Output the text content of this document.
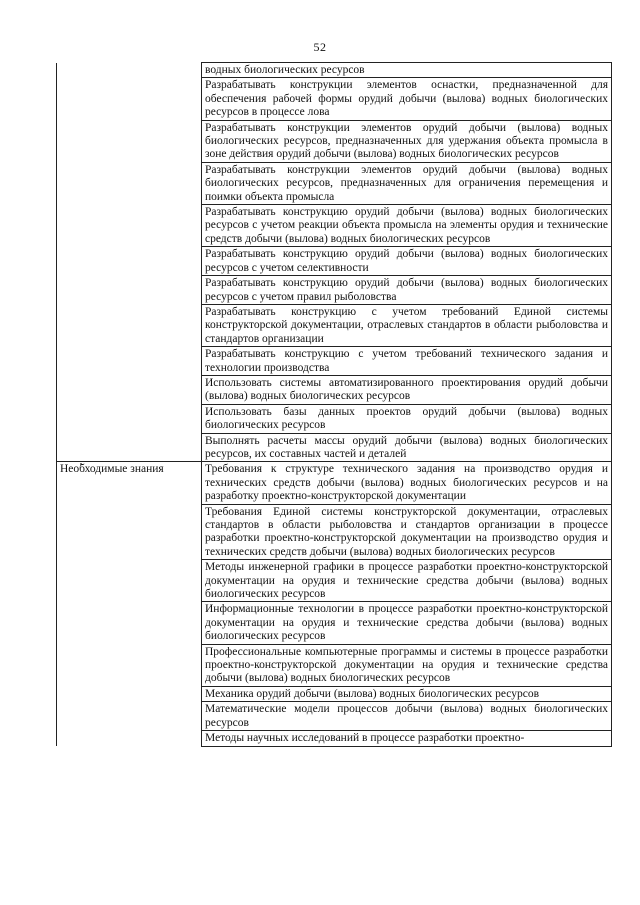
52
	водных биологических ресурсов
	Разрабатывать конструкции элементов оснастки, предназначенной для обеспечения рабочей формы орудий добычи (вылова) водных биологических ресурсов в процессе лова
	Разрабатывать конструкции элементов орудий добычи (вылова) водных биологических ресурсов, предназначенных для удержания объекта промысла в зоне действия орудий добычи (вылова) водных биологических ресурсов
	Разрабатывать конструкции элементов орудий добычи (вылова) водных биологических ресурсов, предназначенных для ограничения перемещения и поимки объекта промысла
	Разрабатывать конструкцию орудий добычи (вылова) водных биологических ресурсов с учетом реакции объекта промысла на элементы орудия и технические средств добычи (вылова) водных биологических ресурсов
	Разрабатывать конструкцию орудий добычи (вылова) водных биологических ресурсов с учетом селективности
	Разрабатывать конструкцию орудий добычи (вылова) водных биологических ресурсов с учетом правил рыболовства
	Разрабатывать конструкцию с учетом требований Единой системы конструкторской документации, отраслевых стандартов в области рыболовства и стандартов организации
	Разрабатывать конструкцию с учетом требований технического задания и технологии производства
	Использовать системы автоматизированного проектирования орудий добычи (вылова) водных биологических ресурсов
	Использовать базы данных проектов орудий добычи (вылова) водных биологических ресурсов
	Выполнять расчеты массы орудий добычи (вылова) водных биологических ресурсов, их составных частей и деталей
Необходимые знания	Требования к структуре технического задания на производство орудия и технических средств добычи (вылова) водных биологических ресурсов и на разработку проектно-конструкторской документации
	Требования Единой системы конструкторской документации, отраслевых стандартов в области рыболовства и стандартов организации в процессе разработки проектно-конструкторской документации на производство орудия и технических средств добычи (вылова) водных биологических ресурсов
	Методы инженерной графики в процессе разработки проектно-конструкторской документации на орудия и технические средства добычи (вылова) водных биологических ресурсов
	Информационные технологии в процессе разработки проектно-конструкторской документации на орудия и технические средства добычи (вылова) водных биологических ресурсов
	Профессиональные компьютерные программы и системы в процессе разработки проектно-конструкторской документации на орудия и технические средства добычи (вылова) водных биологических ресурсов
	Механика орудий добычи (вылова) водных биологических ресурсов
	Математические модели процессов добычи (вылова) водных биологических ресурсов
	Методы научных исследований в процессе разработки проектно-
